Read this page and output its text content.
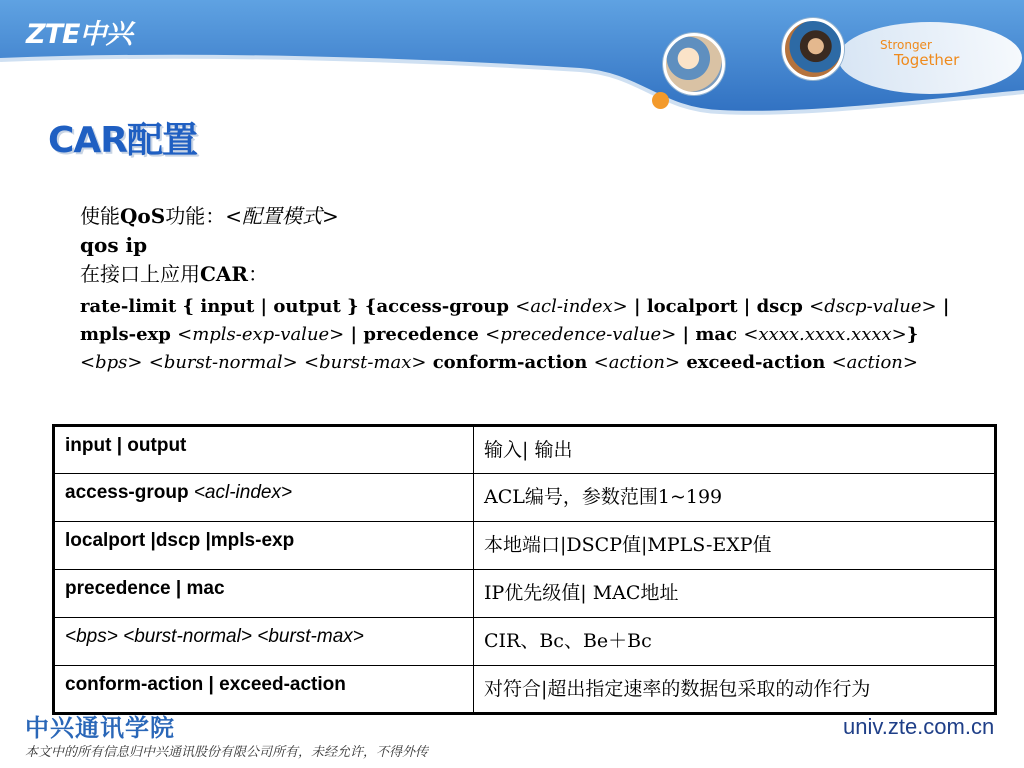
ZTE中兴	Stronger
Together
CAR配置
使能QoS功能：<配置模式>
qos ip
在接口上应用CAR：
rate-limit { input | output } {access-group <acl-index> | localport | dscp <dscp-value> | mpls-exp <mpls-exp-value> | precedence <precedence-value> | mac <xxxx.xxxx.xxxx>} <bps> <burst-normal> <burst-max> conform-action <action> exceed-action <action>
input | output	输入| 输出
access-group <acl-index>	ACL编号，参数范围1~199
localport |dscp |mpls-exp	本地端口|DSCP值|MPLS-EXP值
precedence | mac	IP优先级值| MAC地址
<bps> <burst-normal> <burst-max>	CIR、Bc、Be＋Bc
conform-action | exceed-action	对符合|超出指定速率的数据包采取的动作行为
中兴通讯学院
本文中的所有信息归中兴通讯股份有限公司所有，未经允许，不得外传
univ.zte.com.cn
